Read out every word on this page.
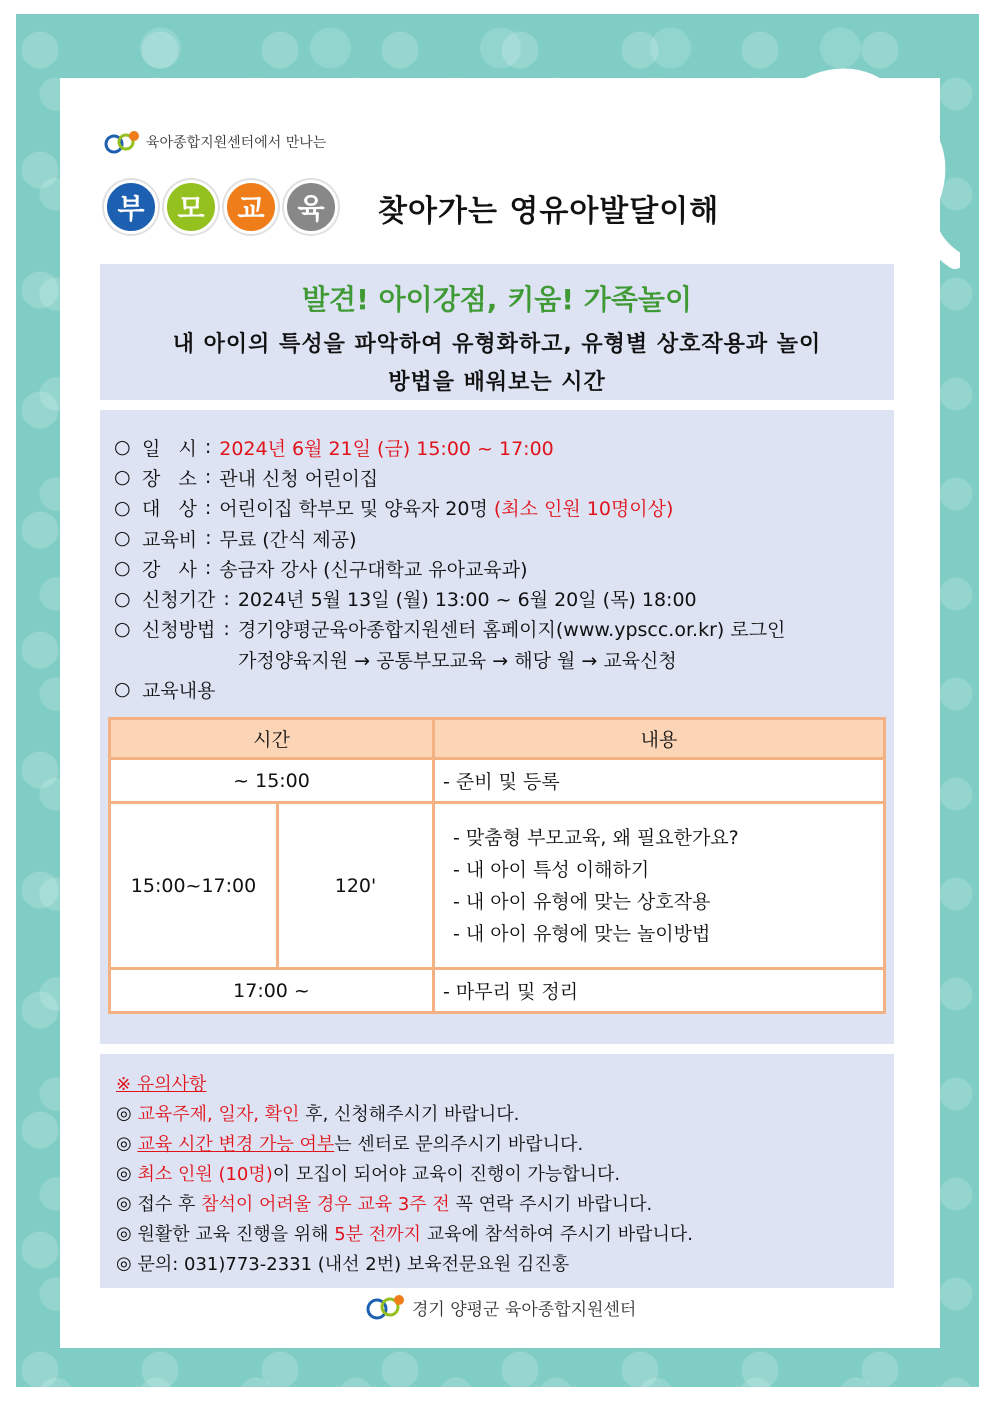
육아종합지원센터에서 만나는
부	모	교	육	찾아가는 영유아발달이해
발견! 아이강점, 키움! 가족놀이
내 아이의 특성을 파악하여 유형화하고, 유형별 상호작용과 놀이
방법을 배워보는 시간
○ 일   시 : 2024년 6월 21일 (금) 15:00 ~ 17:00
○ 장   소 : 관내 신청 어린이집
○ 대   상 : 어린이집 학부모 및 양육자 20명 (최소 인원 10명이상)
○ 교육비 : 무료 (간식 제공)
○ 강   사 : 송금자 강사 (신구대학교 유아교육과)
○ 신청기간 : 2024년 5월 13일 (월) 13:00 ~ 6월 20일 (목) 18:00
○ 신청방법 : 경기양평군육아종합지원센터 홈페이지(www.ypscc.or.kr) 로그인
가정양육지원 → 공통부모교육 → 해당 월 → 교육신청
○ 교육내용
시간		내용
~ 15:00		- 준비 및 등록
15:00~17:00	120'	- 맞춤형 부모교육, 왜 필요한가요?
- 내 아이 특성 이해하기
- 내 아이 유형에 맞는 상호작용
- 내 아이 유형에 맞는 놀이방법

17:00 ~		- 마무리 및 정리
※ 유의사항
◎
교육주제, 일자, 확인 후, 신청해주시기 바랍니다.
◎
교육 시간 변경 가능 여부 는 센터로 문의주시기 바랍니다.
◎
최소 인원 (10명) 이 모집이 되어야 교육이 진행이 가능합니다.
◎
접수 후 참석이 어려울 경우 교육 3주 전 꼭 연락 주시기 바랍니다.
◎
원활한 교육 진행을 위해 5분 전까지 교육에 참석하여 주시기 바랍니다.
◎
문의: 031)773-2331 (내선 2번) 보육전문요원 김진홍
경기 양평군 육아종합지원센터
